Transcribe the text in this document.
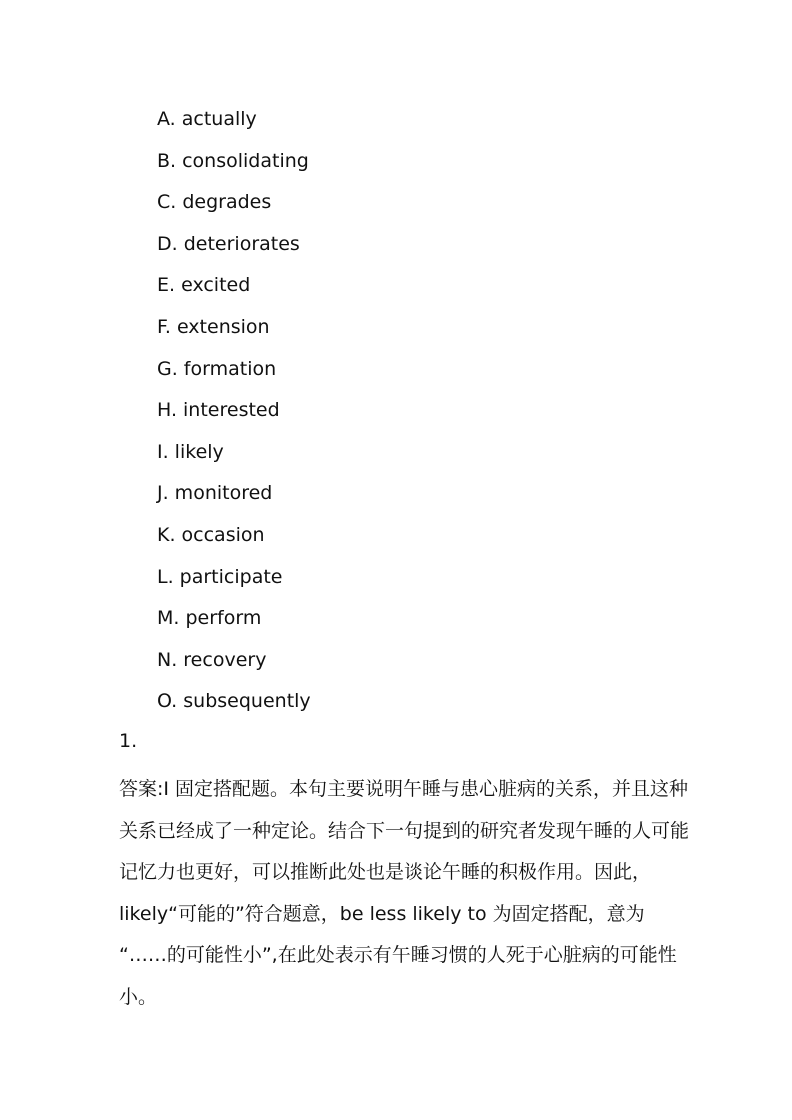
A. actually
B. consolidating
C. degrades
D. deteriorates
E. excited
F. extension
G. formation
H. interested
I. likely
J. monitored
K. occasion
L. participate
M. perform
N. recovery
O. subsequently
1.
答案:I 固定搭配题。本句主要说明午睡与患心脏病的关系，并且这种
关系已经成了一种定论。结合下一句提到的研究者发现午睡的人可能
记忆力也更好，可以推断此处也是谈论午睡的积极作用。因此，
likely“可能的”符合题意，be less likely to 为固定搭配，意为
“……的可能性小”,在此处表示有午睡习惯的人死于心脏病的可能性
小。
